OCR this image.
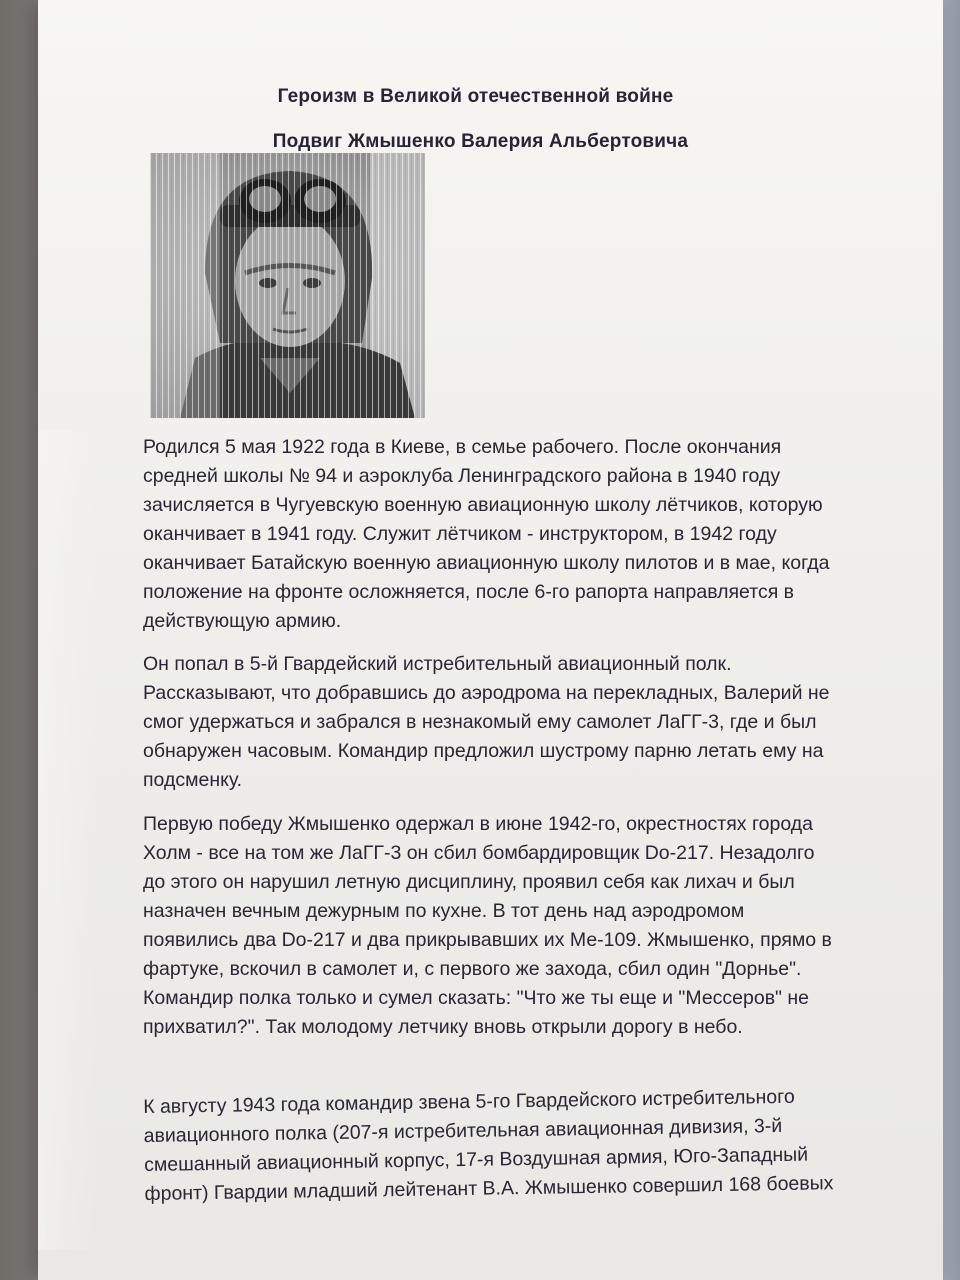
Героизм в Великой отечественной войне
Подвиг Жмышенко Валерия Альбертовича
Родился 5 мая 1922 года в Киеве, в семье рабочего. После окончания
средней школы № 94 и аэроклуба Ленинградского района в 1940 году
зачисляется в Чугуевскую военную авиационную школу лётчиков, которую
оканчивает в 1941 году. Служит лётчиком - инструктором, в 1942 году
оканчивает Батайскую военную авиационную школу пилотов и в мае, когда
положение на фронте осложняется, после 6-го рапорта направляется в
действующую армию.
Он попал в 5-й Гвардейский истребительный авиационный полк.
Рассказывают, что добравшись до аэродрома на перекладных, Валерий не
смог удержаться и забрался в незнакомый ему самолет ЛаГГ-3, где и был
обнаружен часовым. Командир предложил шустрому парню летать ему на
подсменку.
Первую победу Жмышенко одержал в июне 1942-го, окрестностях города
Холм - все на том же ЛаГГ-3 он сбил бомбардировщик Do-217. Незадолго
до этого он нарушил летную дисциплину, проявил себя как лихач и был
назначен вечным дежурным по кухне. В тот день над аэродромом
появились два Do-217 и два прикрывавших их Ме-109. Жмышенко, прямо в
фартуке, вскочил в самолет и, с первого же захода, сбил один "Дорнье".
Командир полка только и сумел сказать: "Что же ты еще и "Мессеров" не
прихватил?". Так молодому летчику вновь открыли дорогу в небо.
К августу 1943 года командир звена 5-го Гвардейского истребительного
авиационного полка (207-я истребительная авиационная дивизия, 3-й
смешанный авиационный корпус, 17-я Воздушная армия, Юго-Западный
фронт) Гвардии младший лейтенант В.А. Жмышенко совершил 168 боевых
